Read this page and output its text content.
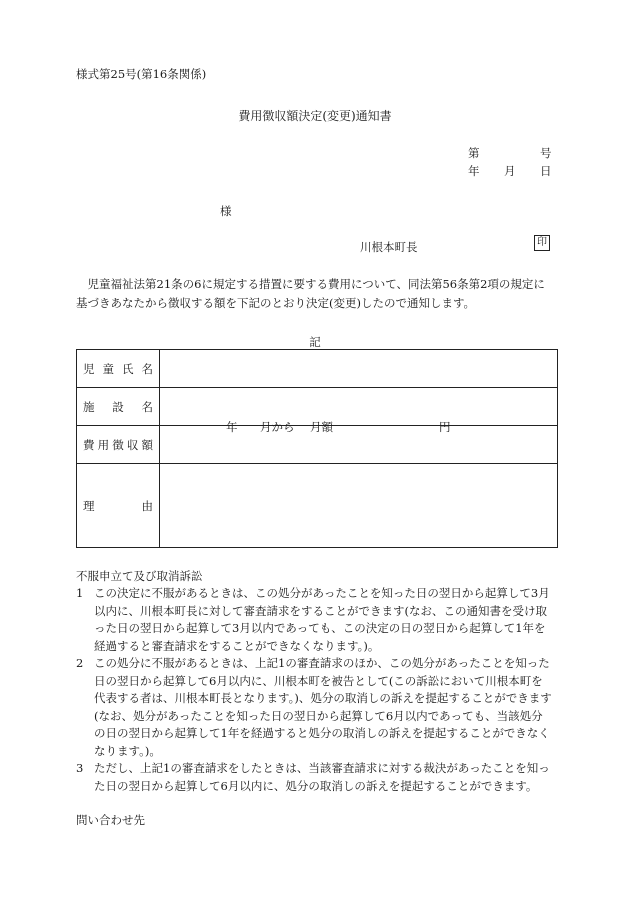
様式第25号(第16条関係)
費用徴収額決定(変更)通知書
第	号
年 月 日
様
川根本町長	印
児童福祉法第21条の6に規定する措置に要する費用について、同法第56条第2項の規定に基づきあなたから徴収する額を下記のとおり決定(変更)したので通知します。
記
児 童 氏 名	

施 設 名	

費 用 徴 収 額	年 月から 月額 円

理 由	

不服申立て及び取消訴訟
1 この決定に不服があるときは、この処分があったことを知った日の翌日から起算して3月以内に、川根本町長に対して審査請求をすることができます(なお、この通知書を受け取った日の翌日から起算して3月以内であっても、この決定の日の翌日から起算して1年を経過すると審査請求をすることができなくなります。)。
2 この処分に不服があるときは、上記1の審査請求のほか、この処分があったことを知った日の翌日から起算して6月以内に、川根本町を被告として(この訴訟において川根本町を代表する者は、川根本町長となります。)、処分の取消しの訴えを提起することができます(なお、処分があったことを知った日の翌日から起算して6月以内であっても、当該処分の日の翌日から起算して1年を経過すると処分の取消しの訴えを提起することができなくなります。)。
3 ただし、上記1の審査請求をしたときは、当該審査請求に対する裁決があったことを知った日の翌日から起算して6月以内に、処分の取消しの訴えを提起することができます。
問い合わせ先
